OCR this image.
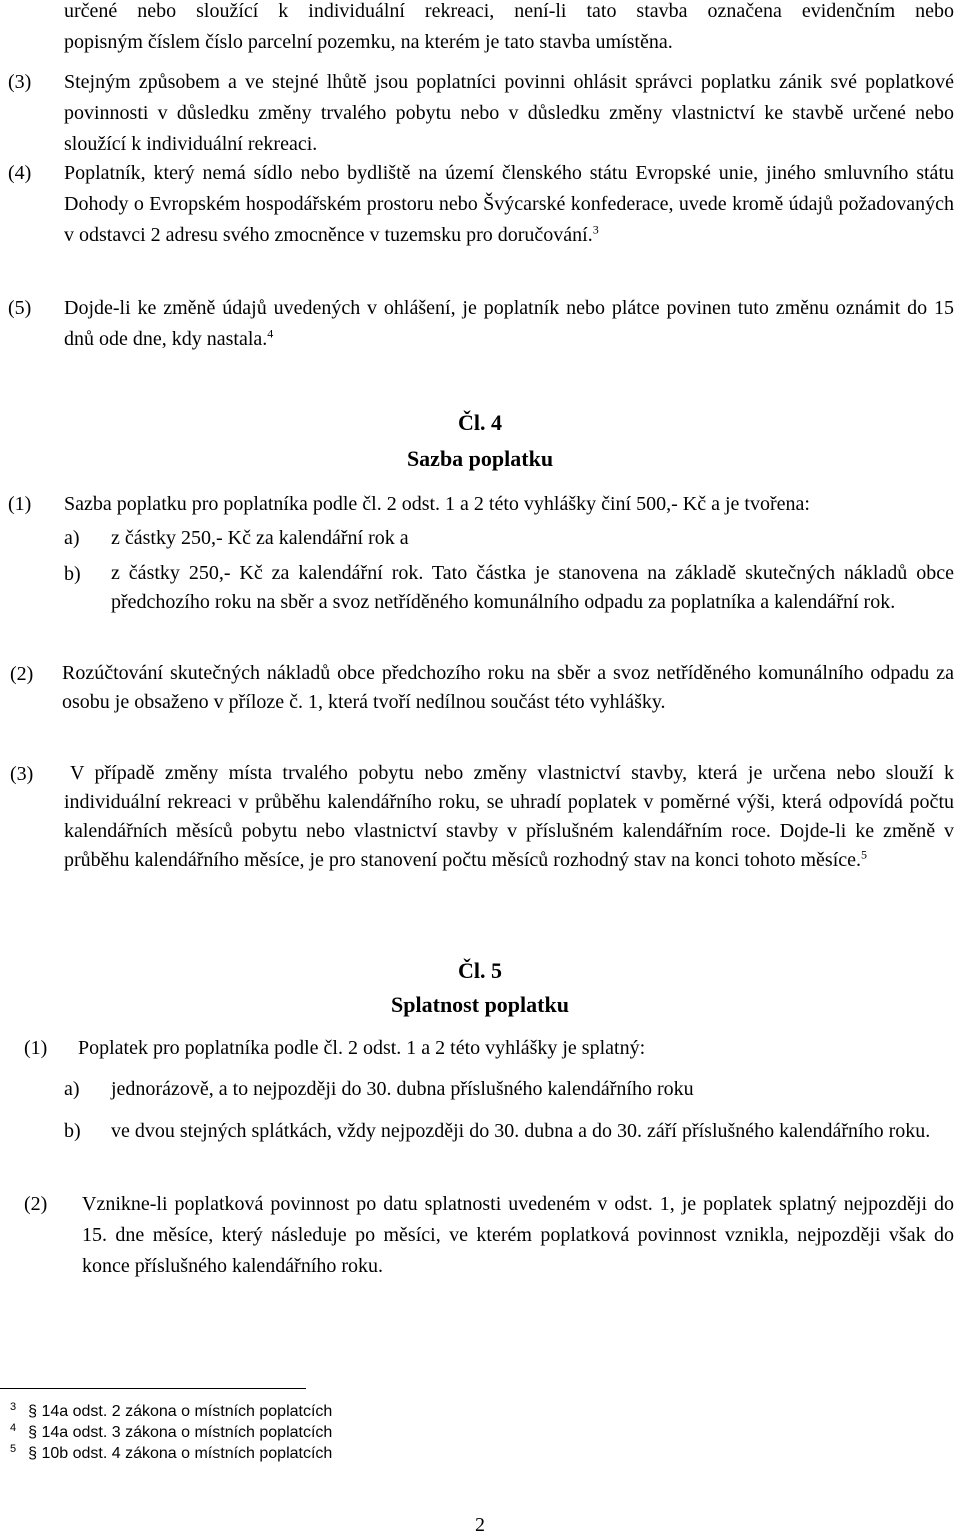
určené nebo sloužící k individuální rekreaci, není-li tato stavba označena evidenčním nebo
popisným číslem číslo parcelní pozemku, na kterém je tato stavba umístěna.
(3) Stejným způsobem a ve stejné lhůtě jsou poplatníci povinni ohlásit správci poplatku zánik své poplatkové povinnosti v důsledku změny trvalého pobytu nebo v důsledku změny vlastnictví ke stavbě určené nebo sloužící k individuální rekreaci.
(4) Poplatník, který nemá sídlo nebo bydliště na území členského státu Evropské unie, jiného smluvního státu Dohody o Evropském hospodářském prostoru nebo Švýcarské konfederace, uvede kromě údajů požadovaných v odstavci 2 adresu svého zmocněnce v tuzemsku pro doručování.$^3$
(5) Dojde-li ke změně údajů uvedených v ohlášení, je poplatník nebo plátce povinen tuto změnu oznámit do 15 dnů ode dne, kdy nastala.$^4$
Čl. 4
Sazba poplatku
(1) Sazba poplatku pro poplatníka podle čl. 2 odst. 1 a 2 této vyhlášky činí 500,- Kč a je tvořena:
a) z částky 250,- Kč za kalendářní rok a
b) z částky 250,- Kč za kalendářní rok. Tato částka je stanovena na základě skutečných nákladů obce předchozího roku na sběr a svoz netříděného komunálního odpadu za poplatníka a kalendářní rok.
(2) Rozúčtování skutečných nákladů obce předchozího roku na sběr a svoz netříděného komunálního odpadu za osobu je obsaženo v příloze č. 1, která tvoří nedílnou součást této vyhlášky.
(3)	V případě změny místa trvalého pobytu nebo změny vlastnictví stavby, která je určena nebo slouží k individuální rekreaci v průběhu kalendářního roku, se uhradí poplatek v poměrné výši, která odpovídá počtu kalendářních měsíců pobytu nebo vlastnictví stavby v příslušném kalendářním roce. Dojde-li ke změně v průběhu kalendářního měsíce, je pro stanovení počtu měsíců rozhodný stav na konci tohoto měsíce.$^5$
Čl. 5
Splatnost poplatku
(1) Poplatek pro poplatníka podle čl. 2 odst. 1 a 2 této vyhlášky je splatný:
a) jednorázově, a to nejpozději do 30. dubna příslušného kalendářního roku
b) ve dvou stejných splátkách, vždy nejpozději do 30. dubna a do 30. září příslušného kalendářního roku.
(2) Vznikne-li poplatková povinnost po datu splatnosti uvedeném v odst. 1, je poplatek splatný nejpozději do 15. dne měsíce, který následuje po měsíci, ve kterém poplatková povinnost vznikla, nejpozději však do konce příslušného kalendářního roku.
$^3$ § 14a odst. 2 zákona o místních poplatcích
$^4$ § 14a odst. 3 zákona o místních poplatcích
$^5$ § 10b odst. 4 zákona o místních poplatcích
2
